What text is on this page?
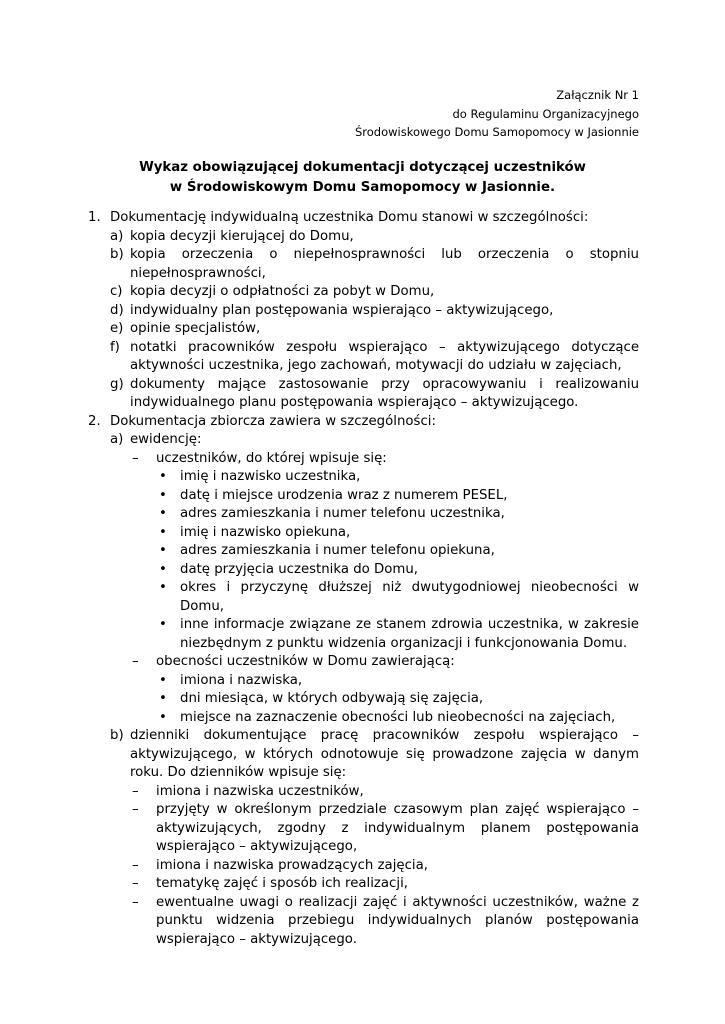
Załącznik Nr 1
do Regulaminu Organizacyjnego
Środowiskowego Domu Samopomocy w Jasionnie
Wykaz obowiązującej dokumentacji dotyczącej uczestników
w Środowiskowym Domu Samopomocy w Jasionnie.
1. Dokumentację indywidualną uczestnika Domu stanowi w szczególności:
a) kopia decyzji kierującej do Domu,
b) kopia orzeczenia o niepełnosprawności lub orzeczenia o stopniu niepełnosprawności,
c) kopia decyzji o odpłatności za pobyt w Domu,
d) indywidualny plan postępowania wspierająco – aktywizującego,
e) opinie specjalistów,
f) notatki pracowników zespołu wspierająco – aktywizującego dotyczące aktywności uczestnika, jego zachowań, motywacji do udziału w zajęciach,
g) dokumenty mające zastosowanie przy opracowywaniu i realizowaniu indywidualnego planu postępowania wspierająco – aktywizującego.
2. Dokumentacja zbiorcza zawiera w szczególności:
a) ewidencję:
–	uczestników, do której wpisuje się:
• imię i nazwisko uczestnika,
• datę i miejsce urodzenia wraz z numerem PESEL,
• adres zamieszkania i numer telefonu uczestnika,
• imię i nazwisko opiekuna,
• adres zamieszkania i numer telefonu opiekuna,
• datę przyjęcia uczestnika do Domu,
• okres i przyczynę dłuższej niż dwutygodniowej nieobecności w Domu,
• inne informacje związane ze stanem zdrowia uczestnika, w zakresie niezbędnym z punktu widzenia organizacji i funkcjonowania Domu.
–	obecności uczestników w Domu zawierającą:
• imiona i nazwiska,
• dni miesiąca, w których odbywają się zajęcia,
• miejsce na zaznaczenie obecności lub nieobecności na zajęciach,
b) dzienniki dokumentujące pracę pracowników zespołu wspierająco – aktywizującego, w których odnotowuje się prowadzone zajęcia w danym roku. Do dzienników wpisuje się:
–	imiona i nazwiska uczestników,
–	przyjęty w określonym przedziale czasowym plan zajęć wspierająco – aktywizujących, zgodny z indywidualnym planem postępowania wspierająco – aktywizującego,
–	imiona i nazwiska prowadzących zajęcia,
–	tematykę zajęć i sposób ich realizacji,
–	ewentualne uwagi o realizacji zajęć i aktywności uczestników, ważne z punktu widzenia przebiegu indywidualnych planów postępowania wspierająco – aktywizującego.
